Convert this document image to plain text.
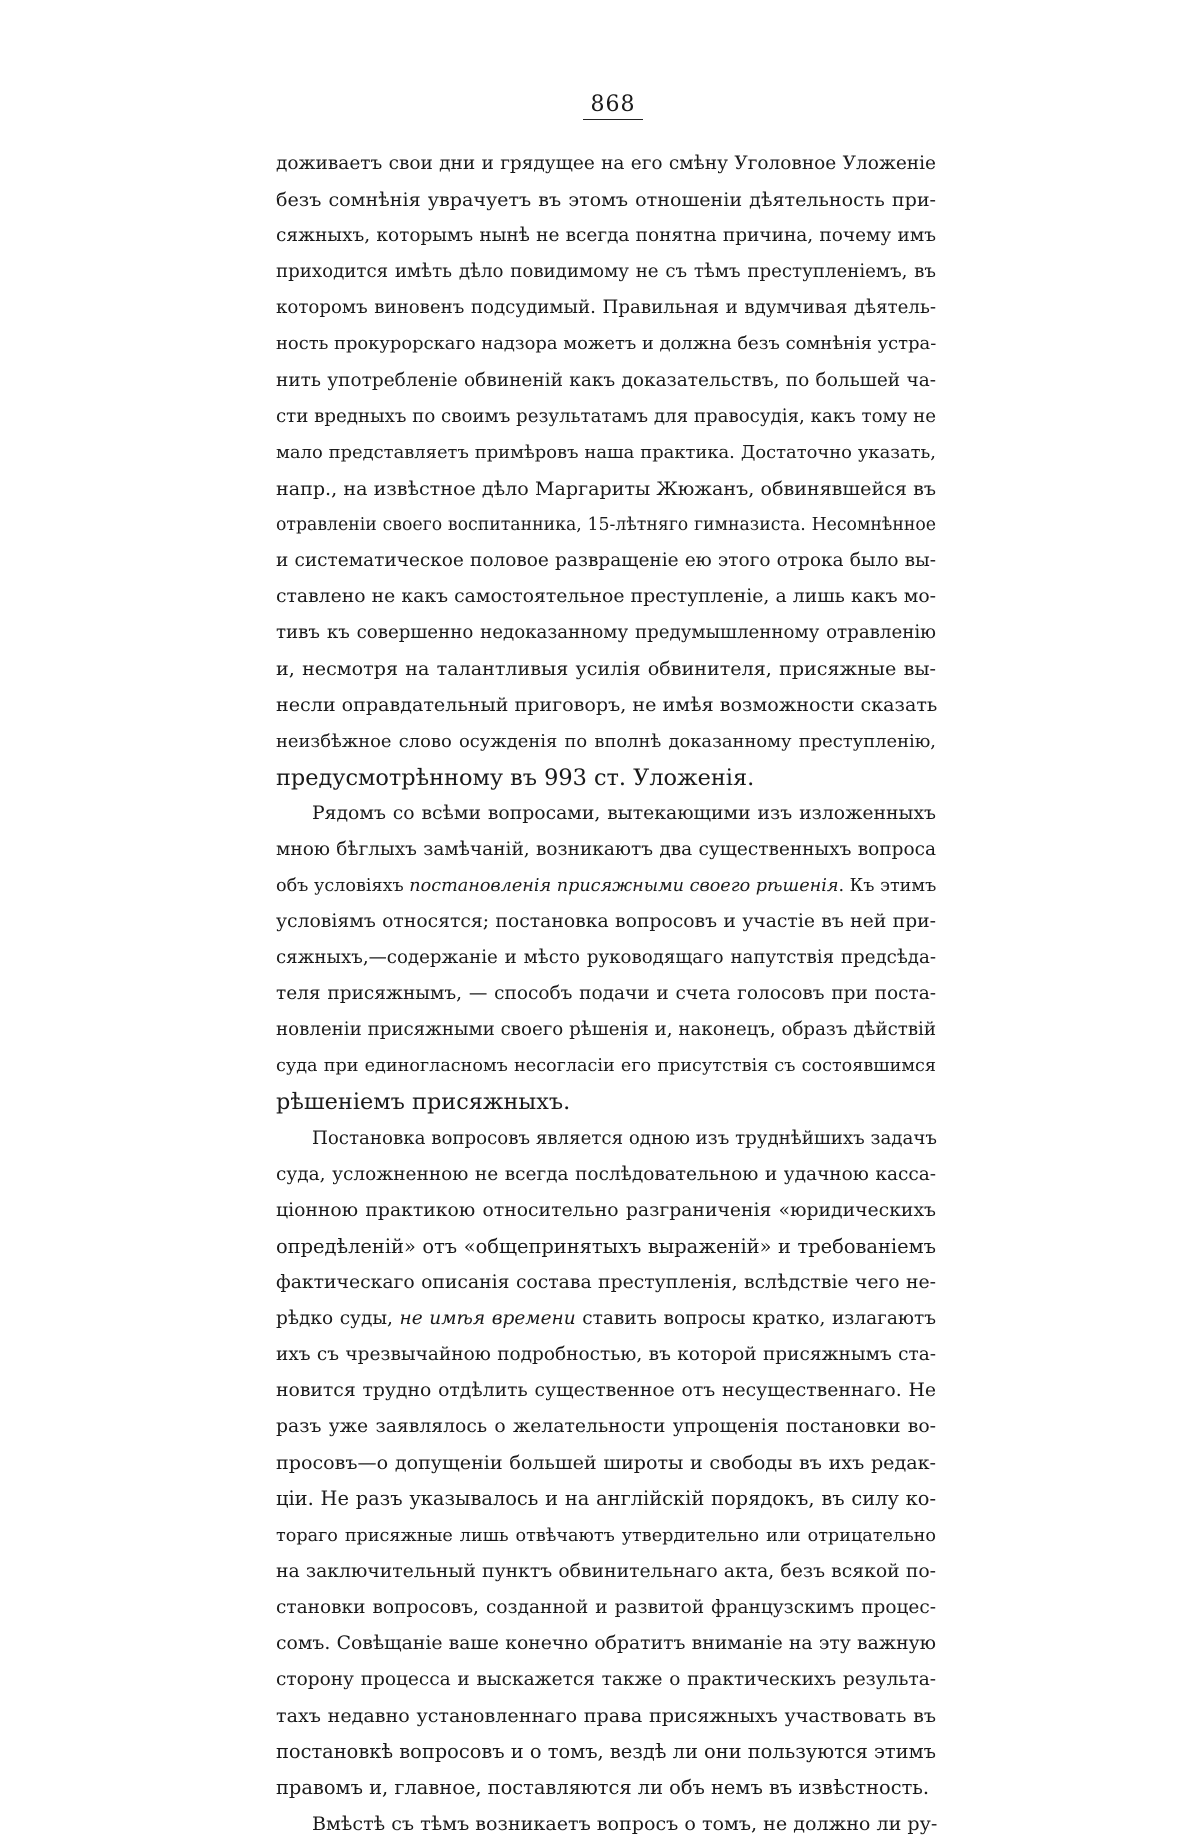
868
доживаетъ свои дни и грядущее на его смѣну Уголовное Уложеніе
безъ сомнѣнія уврачуетъ въ этомъ отношеніи дѣятельность при-
сяжныхъ, которымъ нынѣ не всегда понятна причина, почему имъ
приходится имѣть дѣло повидимому не съ тѣмъ преступленіемъ, въ
которомъ виновенъ подсудимый. Правильная и вдумчивая дѣятель-
ность прокурорскаго надзора можетъ и должна безъ сомнѣнія устра-
нить употребленіе обвиненій какъ доказательствъ, по большей ча-
сти вредныхъ по своимъ результатамъ для правосудія, какъ тому не
мало представляетъ примѣровъ наша практика. Достаточно указать,
напр., на извѣстное дѣло Маргариты Жюжанъ, обвинявшейся въ
отравленіи своего воспитанника, 15-лѣтняго гимназиста. Несомнѣнное
и систематическое половое развращеніе ею этого отрока было вы-
ставлено не какъ самостоятельное преступленіе, а лишь какъ мо-
тивъ къ совершенно недоказанному предумышленному отравленію
и, несмотря на талантливыя усилія обвинителя, присяжные вы-
несли оправдательный приговоръ, не имѣя возможности сказать
неизбѣжное слово осужденія по вполнѣ доказанному преступленію,
предусмотрѣнному въ 993 ст. Уложенія.
Рядомъ со всѣми вопросами, вытекающими изъ изложенныхъ
мною бѣглыхъ замѣчаній, возникаютъ два существенныхъ вопроса
объ условіяхъ постановленія присяжными своего рѣшенія. Къ этимъ
условіямъ относятся; постановка вопросовъ и участіе въ ней при-
сяжныхъ,—содержаніе и мѣсто руководящаго напутствія предсѣда-
теля присяжнымъ, — способъ подачи и счета голосовъ при поста-
новленіи присяжными своего рѣшенія и, наконецъ, образъ дѣйствій
суда при единогласномъ несогласіи его присутствія съ состоявшимся
рѣшеніемъ присяжныхъ.
Постановка вопросовъ является одною изъ труднѣйшихъ задачъ
суда, усложненною не всегда послѣдовательною и удачною касса-
ціонною практикою относительно разграниченія «юридическихъ
опредѣленій» отъ «общепринятыхъ выраженій» и требованіемъ
фактическаго описанія состава преступленія, вслѣдствіе чего не-
рѣдко суды, не имѣя времени ставить вопросы кратко, излагаютъ
ихъ съ чрезвычайною подробностью, въ которой присяжнымъ ста-
новится трудно отдѣлить существенное отъ несущественнаго. Не
разъ уже заявлялось о желательности упрощенія постановки во-
просовъ—о допущеніи большей широты и свободы въ ихъ редак-
ціи. Не разъ указывалось и на англійскій порядокъ, въ силу ко-
тораго присяжные лишь отвѣчаютъ утвердительно или отрицательно
на заключительный пунктъ обвинительнаго акта, безъ всякой по-
становки вопросовъ, созданной и развитой французскимъ процес-
сомъ. Совѣщаніе ваше конечно обратитъ вниманіе на эту важную
сторону процесса и выскажется также о практическихъ результа-
тахъ недавно установленнаго права присяжныхъ участвовать въ
постановкѣ вопросовъ и о томъ, вездѣ ли они пользуются этимъ
правомъ и, главное, поставляются ли объ немъ въ извѣстность.
Вмѣстѣ съ тѣмъ возникаетъ вопросъ о томъ, не должно ли ру-
